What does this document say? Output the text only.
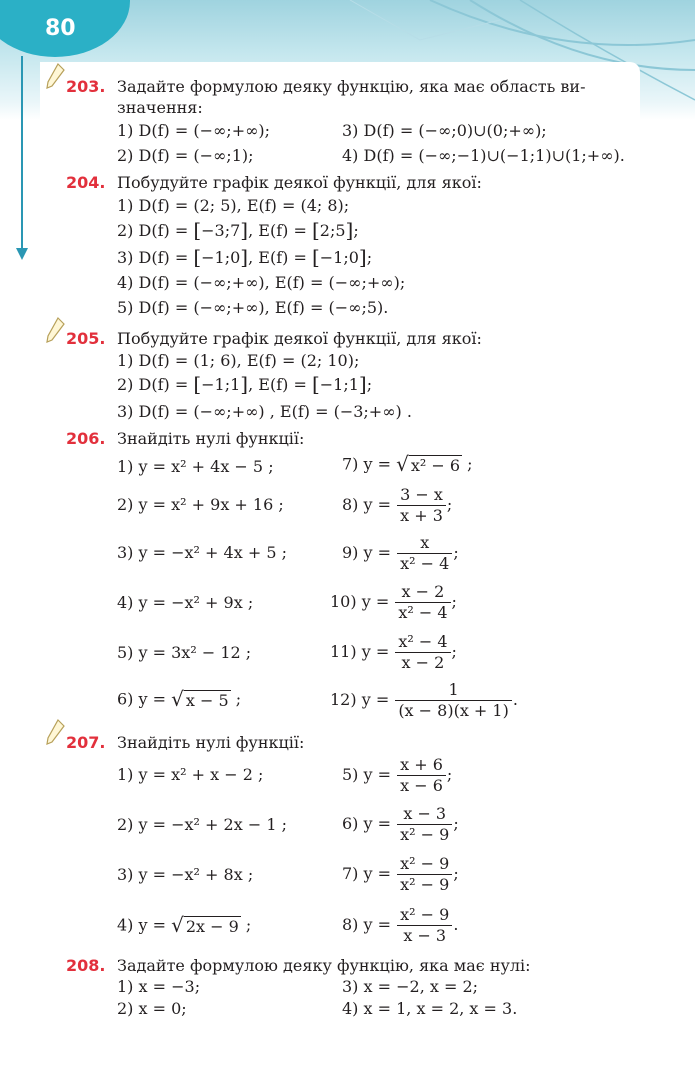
80
203. Задайте формулою деяку функцію, яка має область ви-
значення:
1) D(f) = (−∞;+∞);	3) D(f) = (−∞;0)∪(0;+∞);
2) D(f) = (−∞;1);	4) D(f) = (−∞;−1)∪(−1;1)∪(1;+∞).
204. Побудуйте графік деякої функції, для якої:
1) D(f) = (2; 5), E(f) = (4; 8);
2) D(f) = [−3;7], E(f) = [2;5];
3) D(f) = [−1;0], E(f) = [−1;0];
4) D(f) = (−∞;+∞), E(f) = (−∞;+∞);
5) D(f) = (−∞;+∞), E(f) = (−∞;5).
205. Побудуйте графік деякої функції, для якої:
1) D(f) = (1; 6), E(f) = (2; 10);
2) D(f) = [−1;1], E(f) = [−1;1];
3) D(f) = (−∞;+∞) , E(f) = (−3;+∞) .
206. Знайдіть нулі функції:
1) y = x² + 4x − 5 ;
2) y = x² + 9x + 16 ;
3) y = −x² + 4x + 5 ;
4) y = −x² + 9x ;
5) y = 3x² − 12 ;
6) y = √ x − 5 ;
7) y = √ x² − 6 ;
8) $y = \frac{3 - x}{x + 3}$ ;
9) $y = \frac{x}{\text{x² − 4}}$ ;
10) $y = \frac{x - 2}{\text{x² − 4}}$ ;
11) $y = \frac{\text{x² − 4}}{x - 2}$ ;
12) $y = \frac{1}{(x - 8)(x + 1)}$ .
207. Знайдіть нулі функції:
1) y = x² + x − 2 ;
2) y = −x² + 2x − 1 ;
3) y = −x² + 8x ;
4) y = √ 2x − 9 ;
5) $y = \frac{x + 6}{x - 6}$ ;
6) $y = \frac{x - 3}{\text{x² − 9}}$ ;
7) $y = \frac{\text{x² − 9}}{\text{x² − 9}}$ ;
8) $y = \frac{\text{x² − 9}}{x - 3}$ .
208. Задайте формулою деяку функцію, яка має нулі:
1) x = −3;	3) x = −2, x = 2;
2) x = 0;	4) x = 1, x = 2, x = 3.
